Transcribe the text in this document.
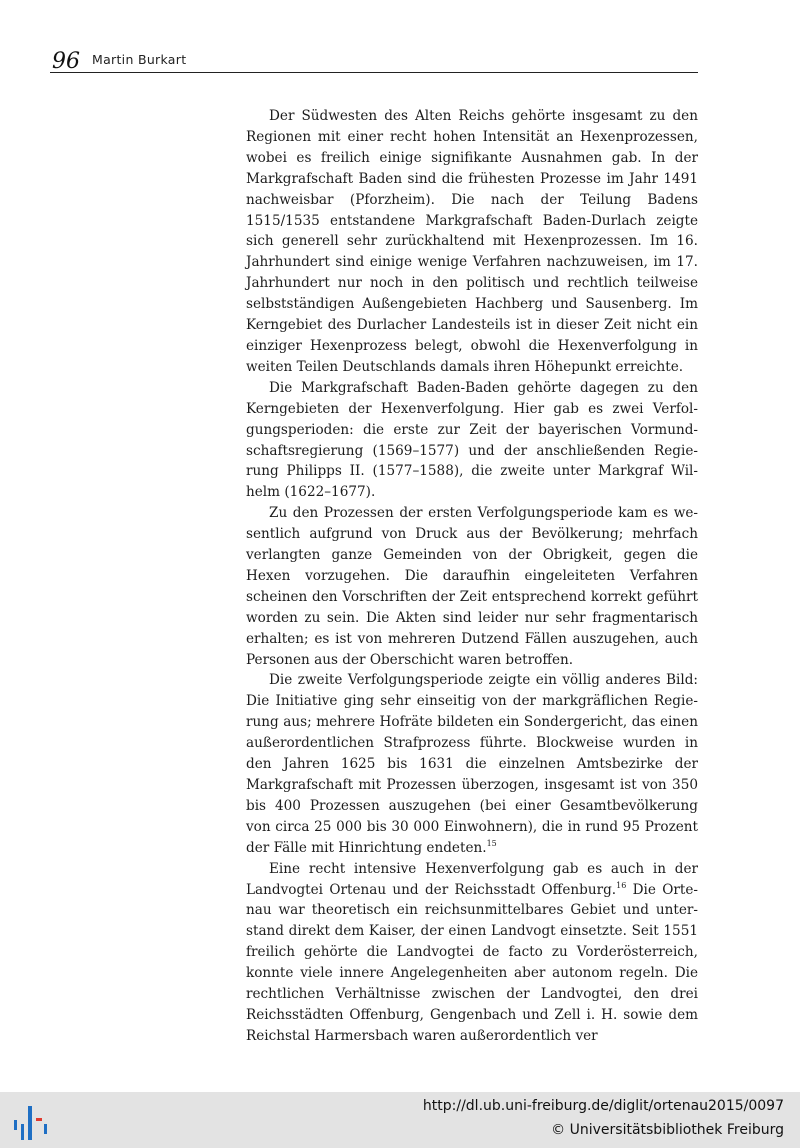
96 Martin Burkart

Der Südwesten des Alten Reichs gehörte insgesamt zu den Regionen mit einer recht hohen Intensität an Hexenprozessen, wobei es freilich einige signifikante Ausnahmen gab. In der Markgrafschaft Baden sind die frühesten Prozesse im Jahr 1491 nachweisbar (Pforzheim). Die nach der Teilung Badens 1515/1535 entstandene Markgrafschaft Baden-Durlach zeigte sich generell sehr zurückhaltend mit Hexenprozessen. Im 16. Jahrhundert sind einige wenige Verfahren nachzuweisen, im 17. Jahrhundert nur noch in den politisch und rechtlich teilweise selbstständigen Außengebieten Hachberg und Sausenberg. Im Kerngebiet des Durlacher Landesteils ist in dieser Zeit nicht ein einziger Hexenprozess belegt, obwohl die Hexenverfolgung in weiten Teilen Deutschlands damals ihren Höhepunkt erreichte.

Die Markgrafschaft Baden-Baden gehörte dagegen zu den Kerngebieten der Hexenverfolgung. Hier gab es zwei Verfolgungsperioden: die erste zur Zeit der bayerischen Vormundschaftsregierung (1569–1577) und der anschließenden Regierung Philipps II. (1577–1588), die zweite unter Markgraf Wilhelm (1622–1677).

Zu den Prozessen der ersten Verfolgungsperiode kam es wesentlich aufgrund von Druck aus der Bevölkerung; mehrfach verlangten ganze Gemeinden von der Obrigkeit, gegen die Hexen vorzugehen. Die daraufhin eingeleiteten Verfahren scheinen den Vorschriften der Zeit entsprechend korrekt geführt worden zu sein. Die Akten sind leider nur sehr fragmentarisch erhalten; es ist von mehreren Dutzend Fällen auszugehen, auch Personen aus der Oberschicht waren betroffen.

Die zweite Verfolgungsperiode zeigte ein völlig anderes Bild: Die Initiative ging sehr einseitig von der markgräflichen Regierung aus; mehrere Hofräte bildeten ein Sondergericht, das einen außerordentlichen Strafprozess führte. Blockweise wurden in den Jahren 1625 bis 1631 die einzelnen Amtsbezirke der Markgrafschaft mit Prozessen überzogen, insgesamt ist von 350 bis 400 Prozessen auszugehen (bei einer Gesamtbevölkerung von circa 25 000 bis 30 000 Einwohnern), die in rund 95 Prozent der Fälle mit Hinrichtung endeten.$^{15}$

Eine recht intensive Hexenverfolgung gab es auch in der Landvogtei Ortenau und der Reichsstadt Offenburg.$^{16}$ Die Ortenau war theoretisch ein reichsunmittelbares Gebiet und unterstand direkt dem Kaiser, der einen Landvogt einsetzte. Seit 1551 freilich gehörte die Landvogtei de facto zu Vorderösterreich, konnte viele innere Angelegenheiten aber autonom regeln. Die rechtlichen Verhältnisse zwischen der Landvogtei, den drei Reichsstädten Offenburg, Gengenbach und Zell i. H. sowie dem Reichstal Harmersbach waren außerordentlich ver

http://dl.ub.uni-freiburg.de/diglit/ortenau2015/0097
© Universitätsbibliothek Freiburg
